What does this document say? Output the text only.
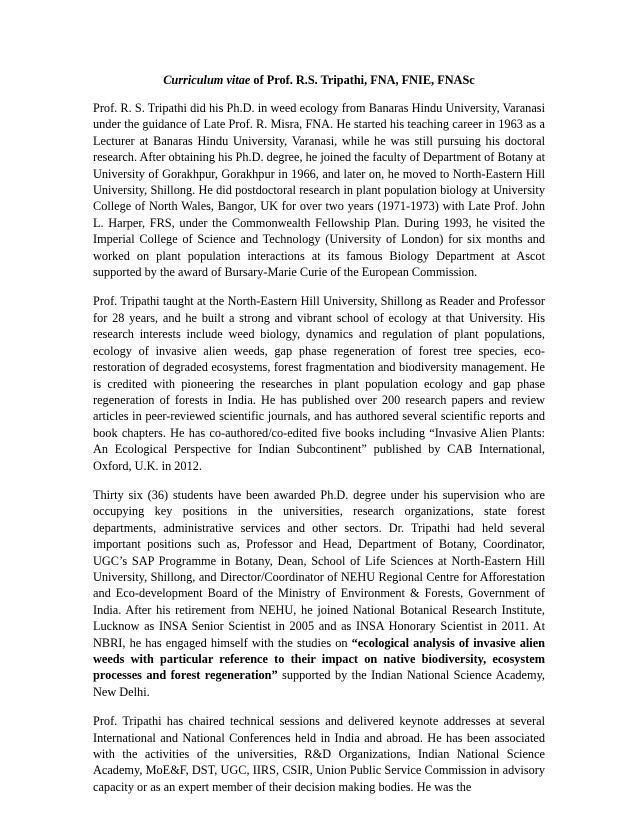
Curriculum vitae of Prof. R.S. Tripathi, FNA, FNIE, FNASc

Prof. R. S. Tripathi did his Ph.D. in weed ecology from Banaras Hindu University, Varanasi under the guidance of Late Prof. R. Misra, FNA. He started his teaching career in 1963 as a Lecturer at Banaras Hindu University, Varanasi, while he was still pursuing his doctoral research. After obtaining his Ph.D. degree, he joined the faculty of Department of Botany at University of Gorakhpur, Gorakhpur in 1966, and later on, he moved to North-Eastern Hill University, Shillong. He did postdoctoral research in plant population biology at University College of North Wales, Bangor, UK for over two years (1971-1973) with Late Prof. John L. Harper, FRS, under the Commonwealth Fellowship Plan. During 1993, he visited the Imperial College of Science and Technology (University of London) for six months and worked on plant population interactions at its famous Biology Department at Ascot supported by the award of Bursary-Marie Curie of the European Commission.

Prof. Tripathi taught at the North-Eastern Hill University, Shillong as Reader and Professor for 28 years, and he built a strong and vibrant school of ecology at that University. His research interests include weed biology, dynamics and regulation of plant populations, ecology of invasive alien weeds, gap phase regeneration of forest tree species, eco-restoration of degraded ecosystems, forest fragmentation and biodiversity management. He is credited with pioneering the researches in plant population ecology and gap phase regeneration of forests in India. He has published over 200 research papers and review articles in peer-reviewed scientific journals, and has authored several scientific reports and book chapters. He has co-authored/co-edited five books including “Invasive Alien Plants: An Ecological Perspective for Indian Subcontinent” published by CAB International, Oxford, U.K. in 2012.

Thirty six (36) students have been awarded Ph.D. degree under his supervision who are occupying key positions in the universities, research organizations, state forest departments, administrative services and other sectors. Dr. Tripathi had held several important positions such as, Professor and Head, Department of Botany, Coordinator, UGC’s SAP Programme in Botany, Dean, School of Life Sciences at North-Eastern Hill University, Shillong, and Director/Coordinator of NEHU Regional Centre for Afforestation and Eco-development Board of the Ministry of Environment & Forests, Government of India. After his retirement from NEHU, he joined National Botanical Research Institute, Lucknow as INSA Senior Scientist in 2005 and as INSA Honorary Scientist in 2011. At NBRI, he has engaged himself with the studies on “ecological analysis of invasive alien weeds with particular reference to their impact on native biodiversity, ecosystem processes and forest regeneration” supported by the Indian National Science Academy, New Delhi.

Prof. Tripathi has chaired technical sessions and delivered keynote addresses at several International and National Conferences held in India and abroad. He has been associated with the activities of the universities, R&D Organizations, Indian National Science Academy, MoE&F, DST, UGC, IIRS, CSIR, Union Public Service Commission in advisory capacity or as an expert member of their decision making bodies. He was the
